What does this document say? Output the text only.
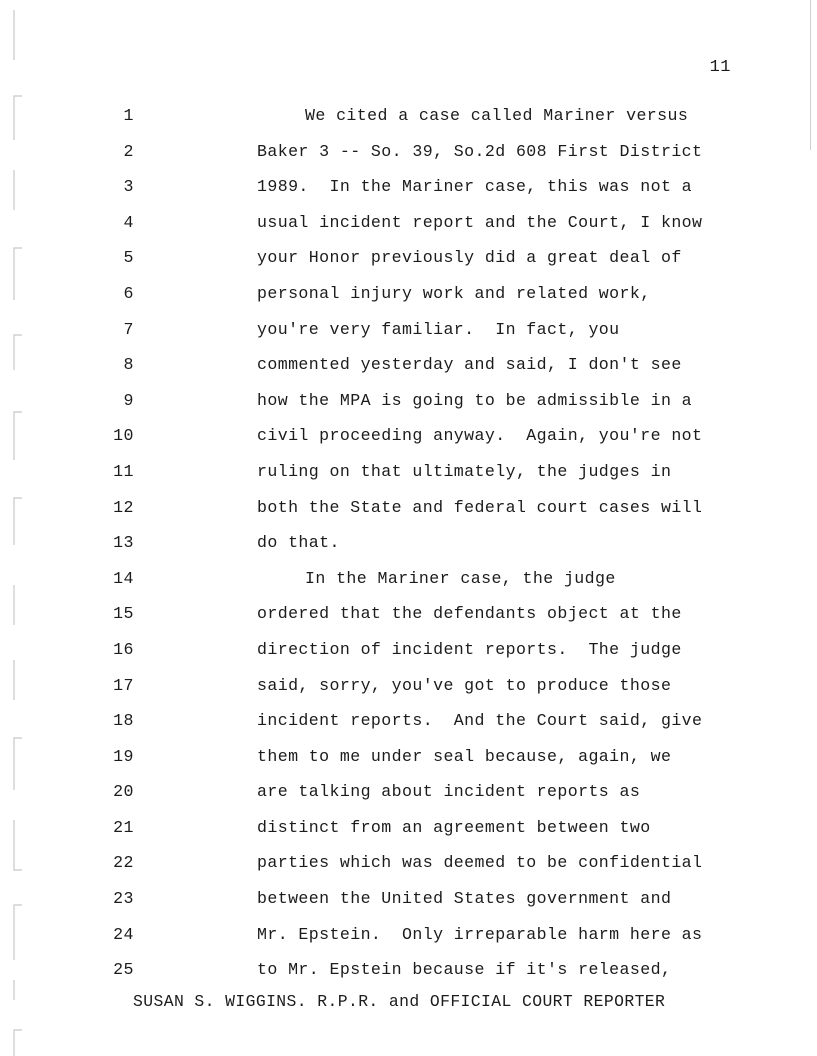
11
1	We cited a case called Mariner versus
2	Baker 3 -- So. 39, So.2d 608 First District
3	1989.  In the Mariner case, this was not a
4	usual incident report and the Court, I know
5	your Honor previously did a great deal of
6	personal injury work and related work,
7	you're very familiar.  In fact, you
8	commented yesterday and said, I don't see
9	how the MPA is going to be admissible in a
10	civil proceeding anyway.  Again, you're not
11	ruling on that ultimately, the judges in
12	both the State and federal court cases will
13	do that.
14	In the Mariner case, the judge
15	ordered that the defendants object at the
16	direction of incident reports.  The judge
17	said, sorry, you've got to produce those
18	incident reports.  And the Court said, give
19	them to me under seal because, again, we
20	are talking about incident reports as
21	distinct from an agreement between two
22	parties which was deemed to be confidential
23	between the United States government and
24	Mr. Epstein.  Only irreparable harm here as
25	to Mr. Epstein because if it's released,
SUSAN S. WIGGINS. R.P.R. and OFFICIAL COURT REPORTER
